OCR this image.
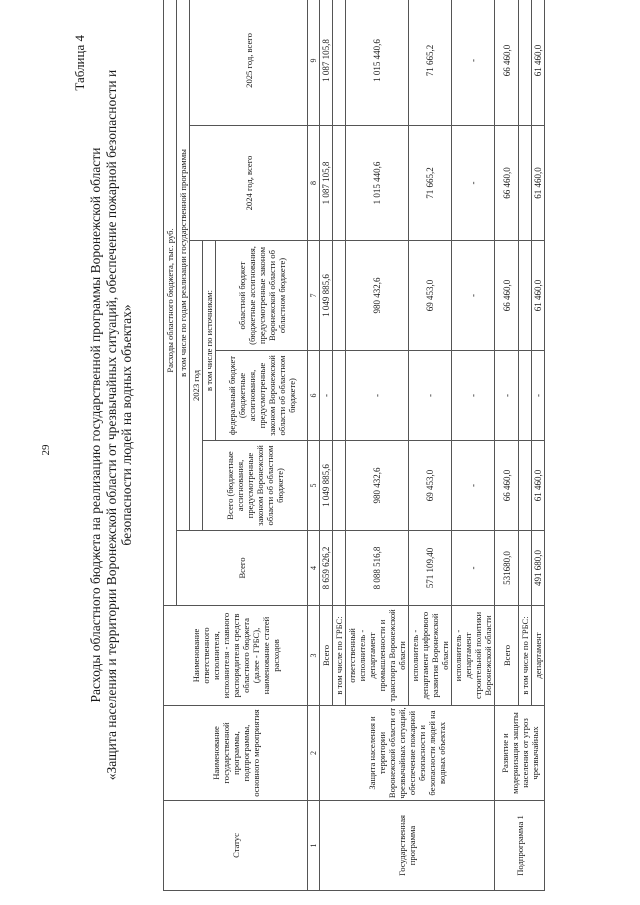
29
Таблица 4
Расходы областного бюджета на реализацию государственной программы Воронежской области «Защита населения и территории Воронежской области от чрезвычайных ситуаций, обеспечение пожарной безопасности и безопасности людей на водных объектах»
Статус	Наименование государственной программы, подпрограммы, основного мероприятия	Наименование ответственного исполнителя, исполнителя - главного распорядителя средств областного бюджета (далее - ГРБС), наименование статей расходов	Расходы областного бюджета, тыс. руб.					
			Всего	в том числе по годам реализации государственной программы				
				2023 год			2024 год, всего	2025 год, всего
				Всего (бюджетные ассигнования, предусмотренные законом Воронежской области об областном бюджете)	в том числе по источникам:			
					федеральный бюджет (бюджетные ассигнования, предусмотренные законом Воронежской области об областном бюджете)	областной бюджет (бюджетные ассигнования, предусмотренные законом Воронежской области об областном бюджете)		
1	2	3	4	5	6	7	8	9
Государственная программа	Защита населения и территории Воронежской области от чрезвычайных ситуаций, обеспечение пожарной безопасности и безопасности людей на водных объектах	Всего	8 659 626,2	1 049 885,6	-	1 049 885,6	1 087 105,8	1 087 105,8
		в том числе по ГРБС:						
		ответственный исполнитель - департамент промышленности и транспорта Воронежской области	8 088 516,8	980 432,6	-	980 432,6	1 015 440,6	1 015 440,6
		исполнитель - департамент цифрового развития Воронежской области	571 109,40	69 453,0	-	69 453,0	71 665,2	71 665,2
		исполнитель - департамент строительной политики Воронежской области	-	-	-	-	-	-
Подпрограмма 1	Развитие и модернизация защиты населения от угроз чрезвычайных	Всего	531680,0	66 460,0	-	66 460,0	66 460,0	66 460,0
		в том числе по ГРБС:						
		департамент	491 680,0	61 460,0	-	61 460,0	61 460,0	61 460,0
